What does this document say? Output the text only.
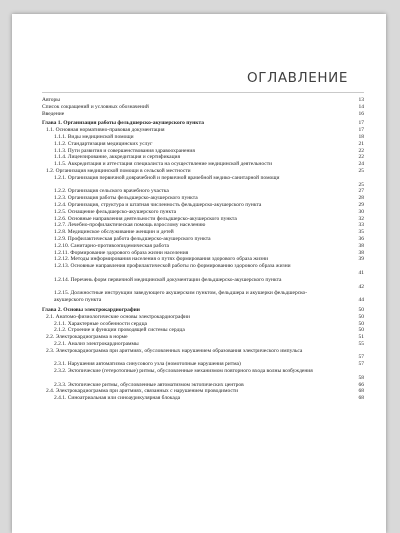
ОГЛАВЛЕНИЕ
Авторы	13
Список сокращений и условных обозначений	14
Введение	16
Глава 1. Организация работы фельдшерско-акушерского пункта	17
1.1. Основная нормативно-правовая документация	17
1.1.1. Виды медицинской помощи	18
1.1.2. Стандартизация медицинских услуг	21
1.1.3. Пути развития и совершенствования здравоохранения	22
1.1.4. Лицензирование, аккредитация и сертификация	22
1.1.5. Аккредитация и аттестация специалиста на осуществление медицинской деятельности	24
1.2. Организация медицинской помощи в сельской местности	25
1.2.1. Организация первичной доврачебной и первичной врачебной медико-санитарной помощи
25
1.2.2. Организация сельского врачебного участка	27
1.2.3. Организация работы фельдшерско-акушерского пункта	28
1.2.4. Организация, структура и штатная численность фельдшерско-акушерского пункта	29
1.2.5. Оснащение фельдшерско-акушерского пункта	30
1.2.6. Основные направления деятельности фельдшерско-акушерского пункта	32
1.2.7. Лечебно-профилактическая помощь взрослому населению	33
1.2.8. Медицинское обслуживание женщин и детей	35
1.2.9. Профилактическая работа фельдшерско-акушерского пункта	36
1.2.10. Санитарно-противоэпидемическая работа	38
1.2.11. Формирование здорового образа жизни населения	38
1.2.12. Методы информирования населения о путях формирования здорового образа жизни	39
1.2.13. Основные направления профилактической работы по формированию здорового образа жизни
41
1.2.14. Перечень форм первичной медицинской документации фельдшерско-акушерского пункта
42
1.2.15. Должностные инструкции заведующего акушерским пунктом, фельдшера и акушерки фельдшерско-акушерского пункта	44
Глава 2. Основы электрокардиографии	50
2.1. Анатомо-физиологические основы электрокардиографии	50
2.1.1. Характерные особенности сердца	50
2.1.2. Строение и функции проводящей системы сердца	50
2.2. Электрокардиограмма в норме	51
2.2.1. Анализ электрокардиограммы	55
2.3. Электрокардиограмма при аритмиях, обусловленных нарушением образования электрического импульса
57
2.3.1. Нарушения автоматизма синусового узла (номотопные нарушения ритма)	57
2.3.2. Эктопические (гетеротопные) ритмы, обусловленные механизмом повторного входа волны возбуждения
58
2.3.3. Эктопические ритмы, обусловленные автоматизмом эктопических центров	66
2.4. Электрокардиограмма при аритмиях, связанных с нарушением проводимости	68
2.4.1. Синоатриальная или синоаурикулярная блокада	68
